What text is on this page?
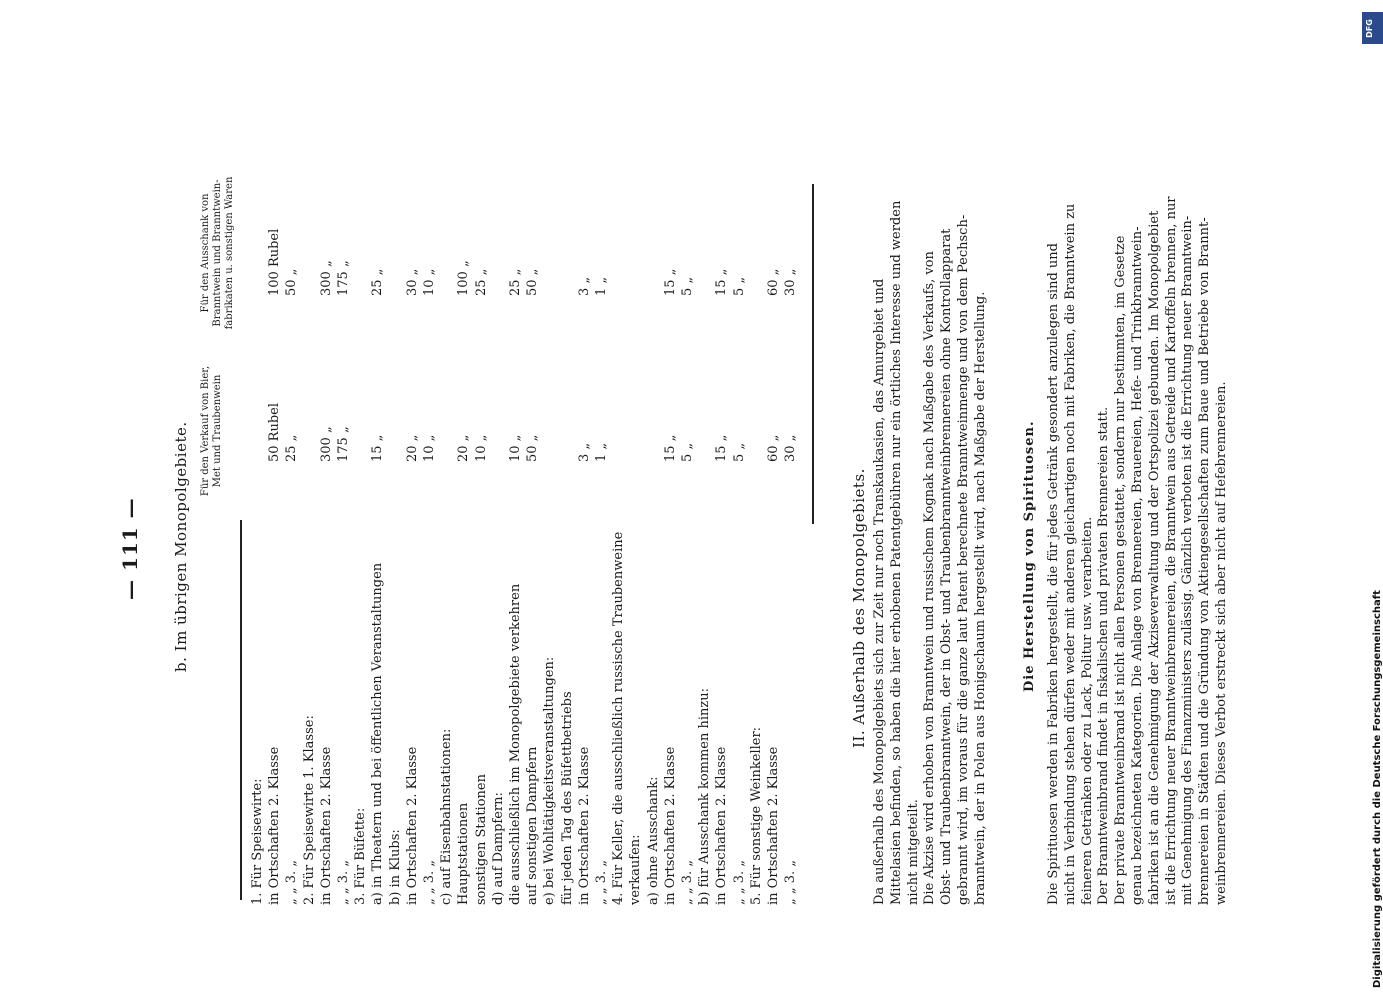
DFG
Digitalisierung gefördert durch die Deutsche Forschungsgemeinschaft
— 111 — b. Im übrigen Monopolgebiete. Für den Verkauf von Bier, Met und Traubenwein
Für den Ausschank von Branntwein und Branntwein- fabrikaten u. sonstigen Waren
1. Für Speisewirte: in Ortschaften 2. Klasse
50 Rubel
100 Rubel
„ „ 3. „
25 „
50 „
2. Für Speisewirte 1. Klasse: in Ortschaften 2. Klasse
300 „
300 „
„ „ 3. „
175 „
175 „
3. Für Büfette: a) in Theatern und bei öffentlichen Veranstaltungen
15 „
25 „
b) in Klubs: in Ortschaften 2. Klasse
20 „
30 „
„ „ 3. „
10 „
10 „
c) auf Eisenbahnstationen: Hauptstationen
20 „
100 „
sonstigen Stationen
10 „
25 „
d) auf Dampfern: die ausschließlich im Monopolgebiete verkehren
10 „
25 „
auf sonstigen Dampfern
50 „
50 „
e) bei Wohltätigkeitsveranstaltungen: für jeden Tag des Büfettbetriebs in Ortschaften 2. Klasse
3 „
3 „
„ „ 3. „
1 „
1 „
4. Für Keller, die ausschließlich russische Traubenweine verkaufen: a) ohne Ausschank: in Ortschaften 2. Klasse
15 „
15 „
„ „ 3. „
5 „
5 „
b) für Ausschank kommen hinzu: in Ortschaften 2. Klasse
15 „
15 „
„ „ 3. „
5 „
5 „
5. Für sonstige Weinkeller: in Ortschaften 2. Klasse
60 „
60 „
„ „ 3. „
30 „
30 „
II. Außerhalb des Monopolgebiets. Da außerhalb des Monopolgebiets sich zur Zeit nur noch Transkaukasien, das Amurgebiet und Mittelasien befinden, so haben die hier erhobenen Patentgebühren nur ein örtliches Interesse und werden nicht mitgeteilt. Die Akzise wird erhoben von Branntwein und russischem Kognak nach Maßgabe des Verkaufs, von Obst- und Traubenbranntwein, der in Obst- und Traubenbranntweinbrennereien ohne Kontrollapparat gebrannt wird, im voraus für die ganze laut Patent berechnete Branntweinmenge und von dem Pechsch- branntwein, der in Polen aus Honigschaum hergestellt wird, nach Maßgabe der Herstellung.	Die Herstellung von Spirituosen. Die Spirituosen werden in Fabriken hergestellt, die für jedes Getränk gesondert anzulegen sind und nicht in Verbindung stehen dürfen weder mit anderen gleichartigen noch mit Fabriken, die Branntwein zu feineren Getränken oder zu Lack, Politur usw. verarbeiten. Der Branntweinbrand findet in fiskalischen und privaten Brennereien statt. Der private Branntweinbrand ist nicht allen Personen gestattet, sondern nur bestimmten, im Gesetze genau bezeichneten Kategorien. Die Anlage von Brennereien, Brauereien, Hefe- und Trinkbranntwein- fabriken ist an die Genehmigung der Akziseverwaltung und der Ortspolizei gebunden. Im Monopolgebiet ist die Errichtung neuer Branntweinbrennereien, die Branntwein aus Getreide und Kartoffeln brennen, nur mit Genehmigung des Finanzministers zulässig. Gänzlich verboten ist die Errichtung neuer Branntwein- brennereien in Städten und die Gründung von Aktiengesellschaften zum Baue und Betriebe von Brannt- weinbrennereien. Dieses Verbot erstreckt sich aber nicht auf Hefebrennereien.
